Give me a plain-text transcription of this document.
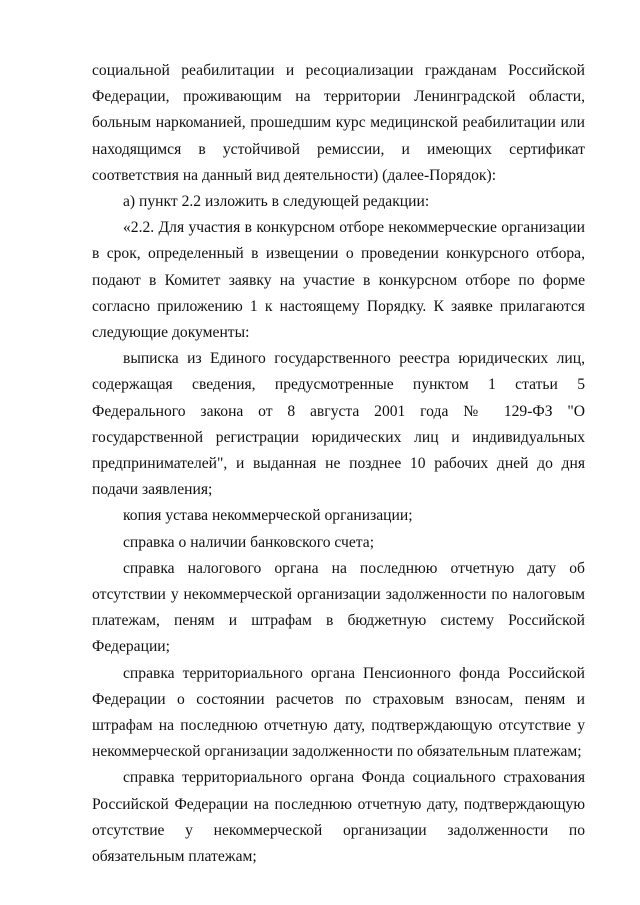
социальной реабилитации и ресоциализации гражданам Российской Федерации, проживающим на территории Ленинградской области, больным наркоманией, прошедшим курс медицинской реабилитации или находящимся в устойчивой ремиссии, и имеющих сертификат соответствия на данный вид деятельности) (далее-Порядок):

а) пункт 2.2 изложить в следующей редакции:

«2.2. Для участия в конкурсном отборе некоммерческие организации в срок, определенный в извещении о проведении конкурсного отбора, подают в Комитет заявку на участие в конкурсном отборе по форме согласно приложению 1 к настоящему Порядку. К заявке прилагаются следующие документы:

выписка из Единого государственного реестра юридических лиц, содержащая сведения, предусмотренные пунктом 1 статьи 5 Федерального закона от 8 августа 2001 года № 129-ФЗ "О государственной регистрации юридических лиц и индивидуальных предпринимателей", и выданная не позднее 10 рабочих дней до дня подачи заявления;

копия устава некоммерческой организации;

справка о наличии банковского счета;

справка налогового органа на последнюю отчетную дату об отсутствии у некоммерческой организации задолженности по налоговым платежам, пеням и штрафам в бюджетную систему Российской Федерации;

справка территориального органа Пенсионного фонда Российской Федерации о состоянии расчетов по страховым взносам, пеням и штрафам на последнюю отчетную дату, подтверждающую отсутствие у некоммерческой организации задолженности по обязательным платежам;

справка территориального органа Фонда социального страхования Российской Федерации на последнюю отчетную дату, подтверждающую отсутствие у некоммерческой организации задолженности по обязательным платежам;
